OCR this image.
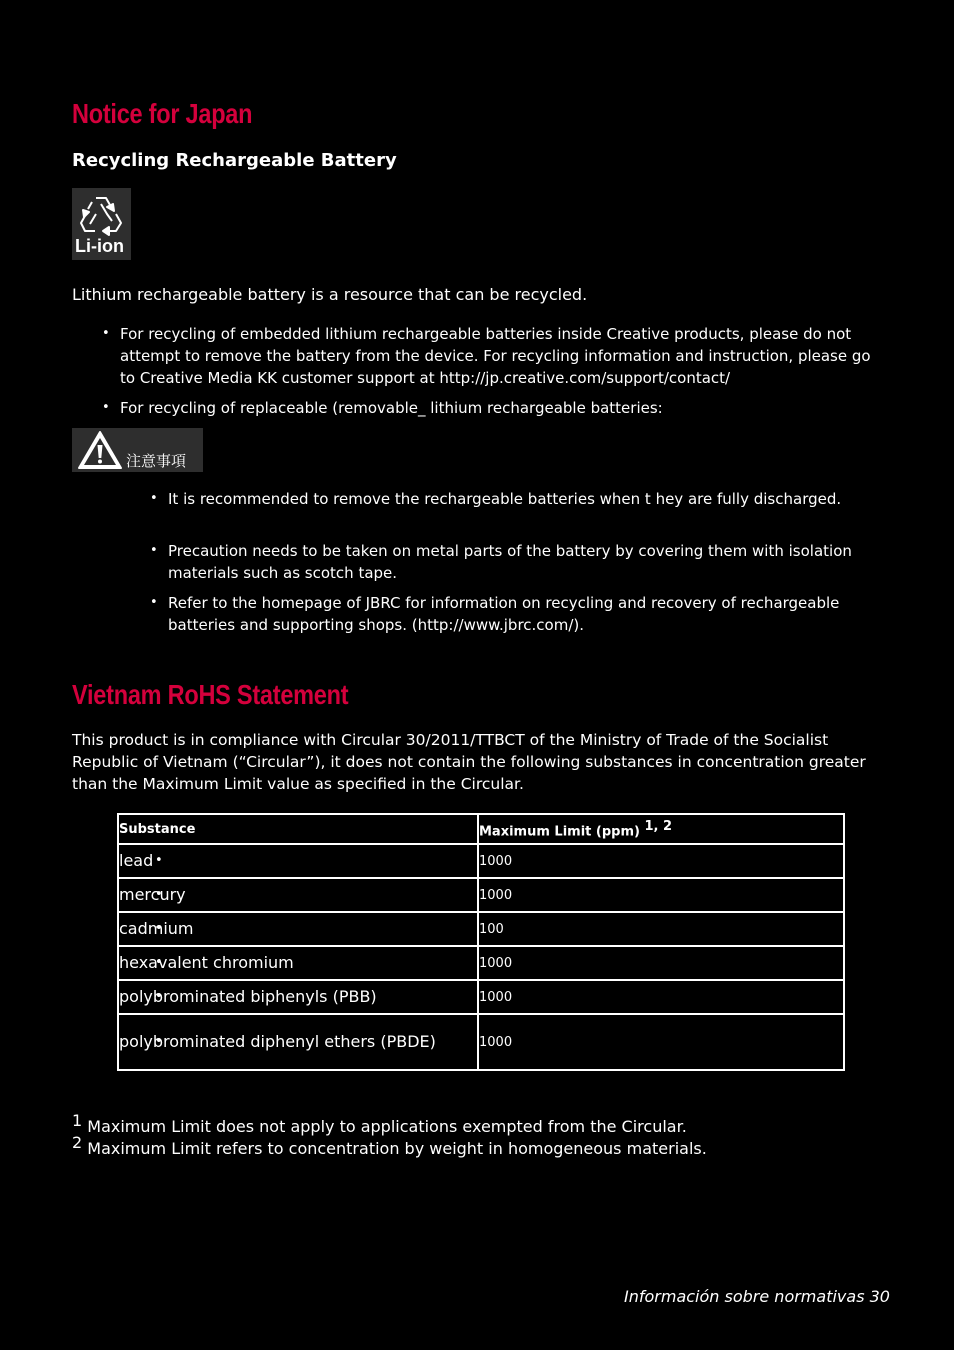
Notice for Japan
Recycling Rechargeable Battery
Li-ion
Lithium rechargeable battery is a resource that can be recycled.
• For recycling of embedded lithium rechargeable batteries inside Creative products, please do not attempt to remove the battery from the device. For recycling information and instruction, please go to Creative Media KK customer support at http://jp.creative.com/support/contact/
• For recycling of replaceable (removable_ lithium rechargeable batteries:
注意事項
• It is recommended to remove the rechargeable batteries when t hey are fully discharged.
• Precaution needs to be taken on metal parts of the battery by covering them with isolation materials such as scotch tape.
• Refer to the homepage of JBRC for information on recycling and recovery of rechargeable batteries and supporting shops. (http://www.jbrc.com/).
Vietnam RoHS Statement
This product is in compliance with Circular 30/2011/TTBCT of the Ministry of Trade of the Socialist Republic of Vietnam (“Circular”), it does not contain the following substances in concentration greater than the Maximum Limit value as specified in the Circular.
Substance	Maximum Limit (ppm) $^{1, 2}$
• lead	1000
• mercury	1000
• cadmium	100
• hexavalent chromium	1000
• polybrominated biphenyls (PBB)	1000
• polybrominated diphenyl ethers (PBDE)	1000
1 Maximum Limit does not apply to applications exempted from the Circular.
2 Maximum Limit refers to concentration by weight in homogeneous materials.
Información sobre normativas 30
